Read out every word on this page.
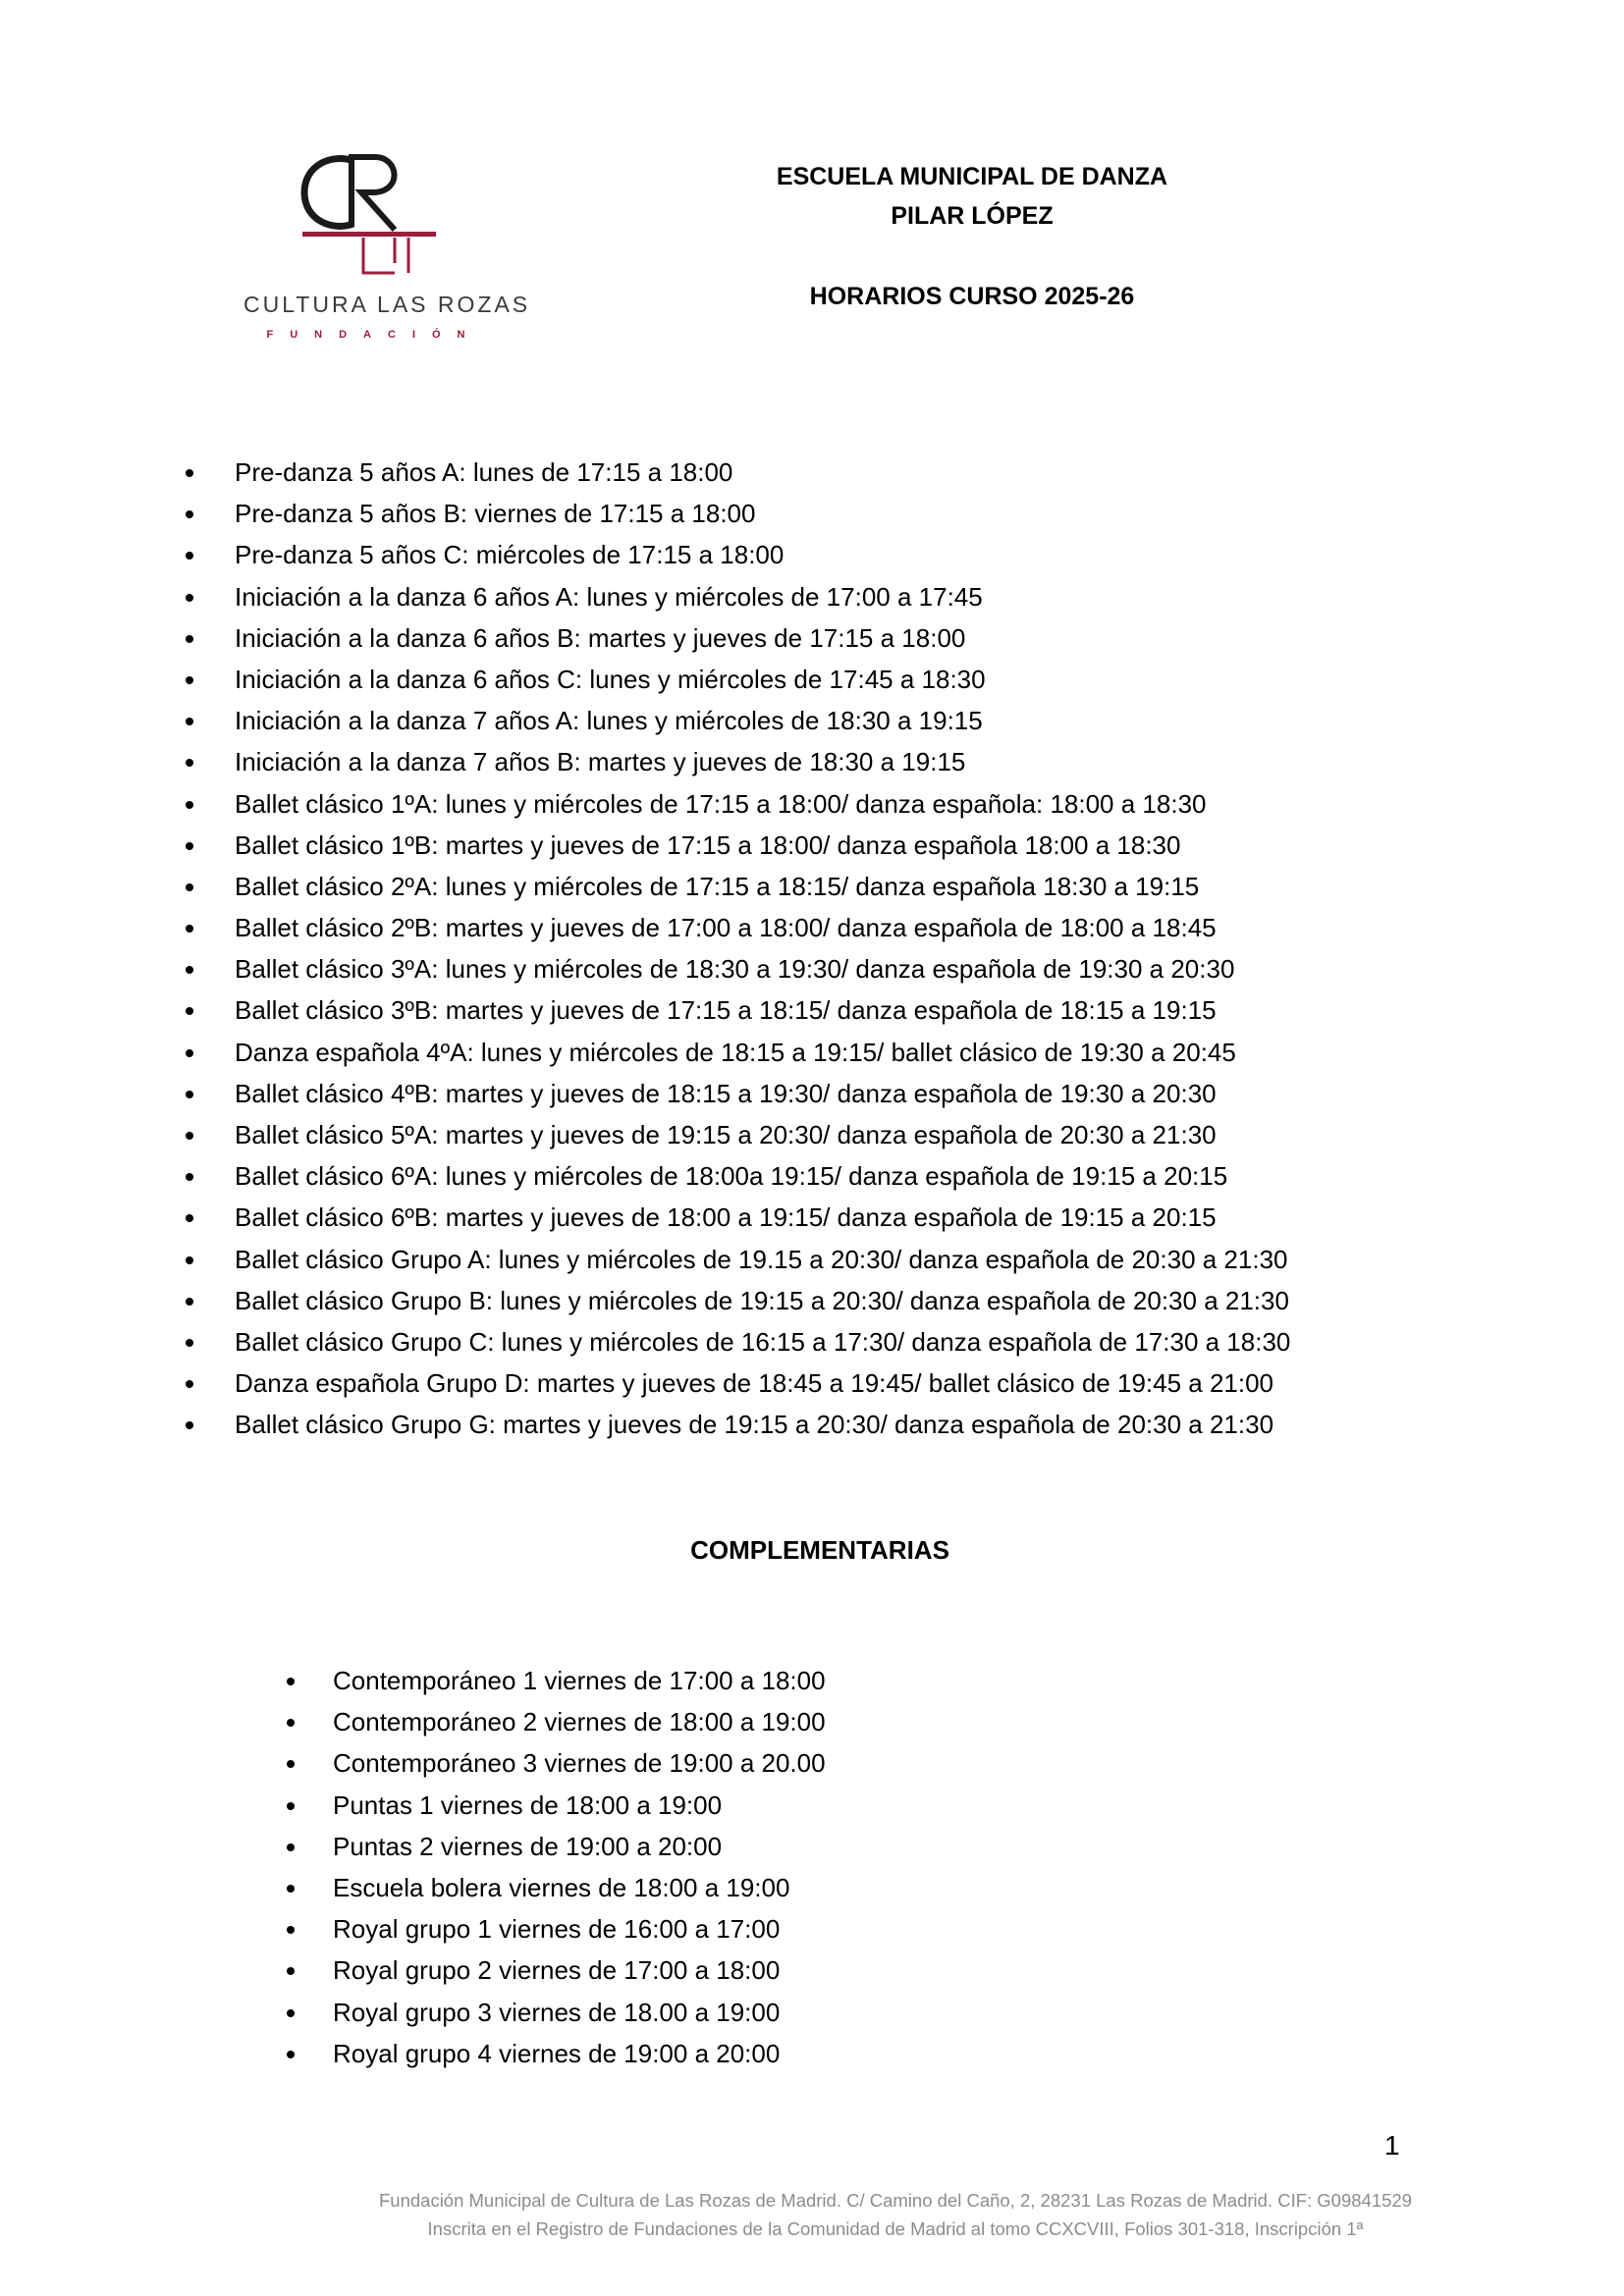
CULTURA LAS ROZAS
FUNDACIÓN
ESCUELA MUNICIPAL DE DANZA
PILAR LÓPEZ
HORARIOS CURSO 2025-26
Pre-danza 5 años A: lunes de 17:15 a 18:00
Pre-danza 5 años B: viernes de 17:15 a 18:00
Pre-danza 5 años C: miércoles de 17:15 a 18:00
Iniciación a la danza 6 años A: lunes y miércoles de 17:00 a 17:45
Iniciación a la danza 6 años B: martes y jueves de 17:15 a 18:00
Iniciación a la danza 6 años C: lunes y miércoles de 17:45 a 18:30
Iniciación a la danza 7 años A: lunes y miércoles de 18:30 a 19:15
Iniciación a la danza 7 años B: martes y jueves de 18:30 a 19:15
Ballet clásico 1ºA: lunes y miércoles de 17:15 a 18:00/ danza española: 18:00 a 18:30
Ballet clásico 1ºB: martes y jueves de 17:15 a 18:00/ danza española 18:00 a 18:30
Ballet clásico 2ºA: lunes y miércoles de 17:15 a 18:15/ danza española 18:30 a 19:15
Ballet clásico 2ºB: martes y jueves de 17:00 a 18:00/ danza española de 18:00 a 18:45
Ballet clásico 3ºA: lunes y miércoles de 18:30 a 19:30/ danza española de 19:30 a 20:30
Ballet clásico 3ºB: martes y jueves de 17:15 a 18:15/ danza española de 18:15 a 19:15
Danza española 4ºA: lunes y miércoles de 18:15 a 19:15/ ballet clásico de 19:30 a 20:45
Ballet clásico 4ºB: martes y jueves de 18:15 a 19:30/ danza española de 19:30 a 20:30
Ballet clásico 5ºA: martes y jueves de 19:15 a 20:30/ danza española de 20:30 a 21:30
Ballet clásico 6ºA: lunes y miércoles de 18:00a 19:15/ danza española de 19:15 a 20:15
Ballet clásico 6ºB: martes y jueves de 18:00 a 19:15/ danza española de 19:15 a 20:15
Ballet clásico Grupo A: lunes y miércoles de 19.15 a 20:30/ danza española de 20:30 a 21:30
Ballet clásico Grupo B: lunes y miércoles de 19:15 a 20:30/ danza española de 20:30 a 21:30
Ballet clásico Grupo C: lunes y miércoles de 16:15 a 17:30/ danza española de 17:30 a 18:30
Danza española Grupo D: martes y jueves de 18:45 a 19:45/ ballet clásico de 19:45 a 21:00
Ballet clásico Grupo G: martes y jueves de 19:15 a 20:30/ danza española de 20:30 a 21:30
COMPLEMENTARIAS
Contemporáneo 1 viernes de 17:00 a 18:00
Contemporáneo 2 viernes de 18:00 a 19:00
Contemporáneo 3 viernes de 19:00 a 20.00
Puntas 1 viernes de 18:00 a 19:00
Puntas 2 viernes de 19:00 a 20:00
Escuela bolera viernes de 18:00 a 19:00
Royal grupo 1 viernes de 16:00 a 17:00
Royal grupo 2 viernes de 17:00 a 18:00
Royal grupo 3 viernes de 18.00 a 19:00
Royal grupo 4 viernes de 19:00 a 20:00
1
Fundación Municipal de Cultura de Las Rozas de Madrid. C/ Camino del Caño, 2, 28231 Las Rozas de Madrid. CIF: G09841529
Inscrita en el Registro de Fundaciones de la Comunidad de Madrid al tomo CCXCVIII, Folios 301-318, Inscripción 1ª
